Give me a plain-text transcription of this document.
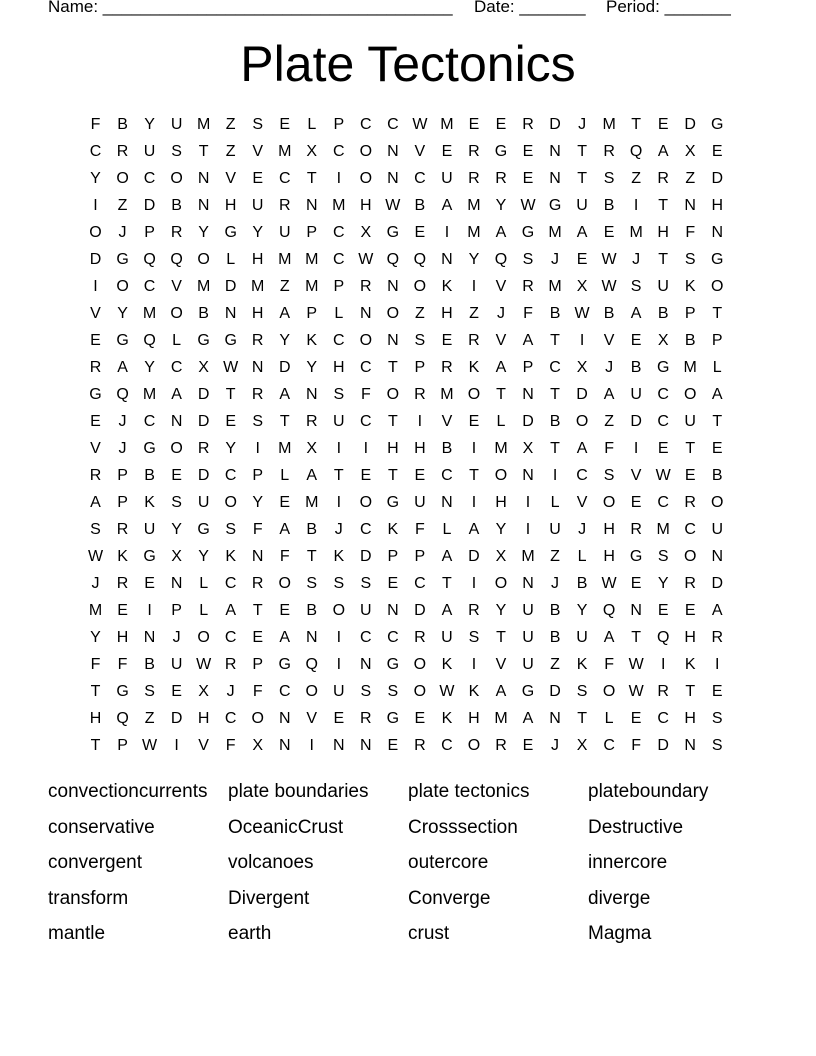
Name: _____________________________________ Date: _______ Period: _______
Plate Tectonics
F	B	Y U M Z	S	E	L	P C C W M E	E R D	J	M T	E D G
C R U S	T	Z	V M X C O N V	E R G E N	T	R Q A	X	E
Y O C O N V	E C	T	I	O N C U R R E N	T	S	Z	R	Z	D
I	Z	D B N H U R N M H W B	A M Y W G U B	I	T	N H
O	J	P R Y G Y U P C X G E	I	M A G M A	E M H	F	N
D G Q Q O	L	H M M C W Q Q N Y Q S	J	E W J	T	S G
I	O C V M D M Z M P R N O K	I	V R M X W S U K O
V	Y M O B N H A	P	L	N O Z	H	Z	J	F	B W B	A	B	P	T
E G Q	L	G G R Y	K C O N S	E R V	A	T	I	V	E	X	B	P
R A	Y C X W N D Y H C	T	P R K	A	P C X	J	B G M L
G Q M A D	T	R A N S	F O R M O T	N	T	D A U C O A
E	J	C N D E	S	T	R U C	T	I	V	E	L	D B O Z	D C U	T
V	J	G O R Y	I	M X	I	I	H H B	I	M X	T	A	F	I	E	T	E
R P	B	E D C P	L	A	T	E	T	E C	T O N	I	C S	V W E	B
A	P	K	S U O Y	E M	I	O G U N	I	H	I	L	V O E C R O
S R U Y G S	F	A	B	J	C K	F	L	A	Y	I	U	J	H R M C U
W K G X	Y	K N	F	T	K D P	P	A D X M Z	L	H G S O N
J	R E N	L	C R O S	S	S	E C	T	I	O N	J	B W E	Y R D
M E	I	P	L	A	T	E	B O U N D A R Y U B	Y Q N E	E	A
Y H N	J	O C E	A N	I	C C R U S	T	U B U A	T Q H R
F	F	B U W R P G Q	I	N G O K	I	V U	Z	K	F W	I	K	I
T G S	E	X	J	F	C O U S	S O W K	A G D S O W R	T	E
H Q Z	D H C O N V	E R G E	K H M A N	T	L	E C H S
T	P W	I	V	F	X N	I	N N E R C O R E	J	X C	F	D N S
convectioncurrents	plate boundaries	plate tectonics	plateboundary
conservative	OceanicCrust	Crosssection	Destructive
convergent	volcanoes	outercore	innercore
transform	Divergent	Converge	diverge
mantle	earth	crust	Magma
